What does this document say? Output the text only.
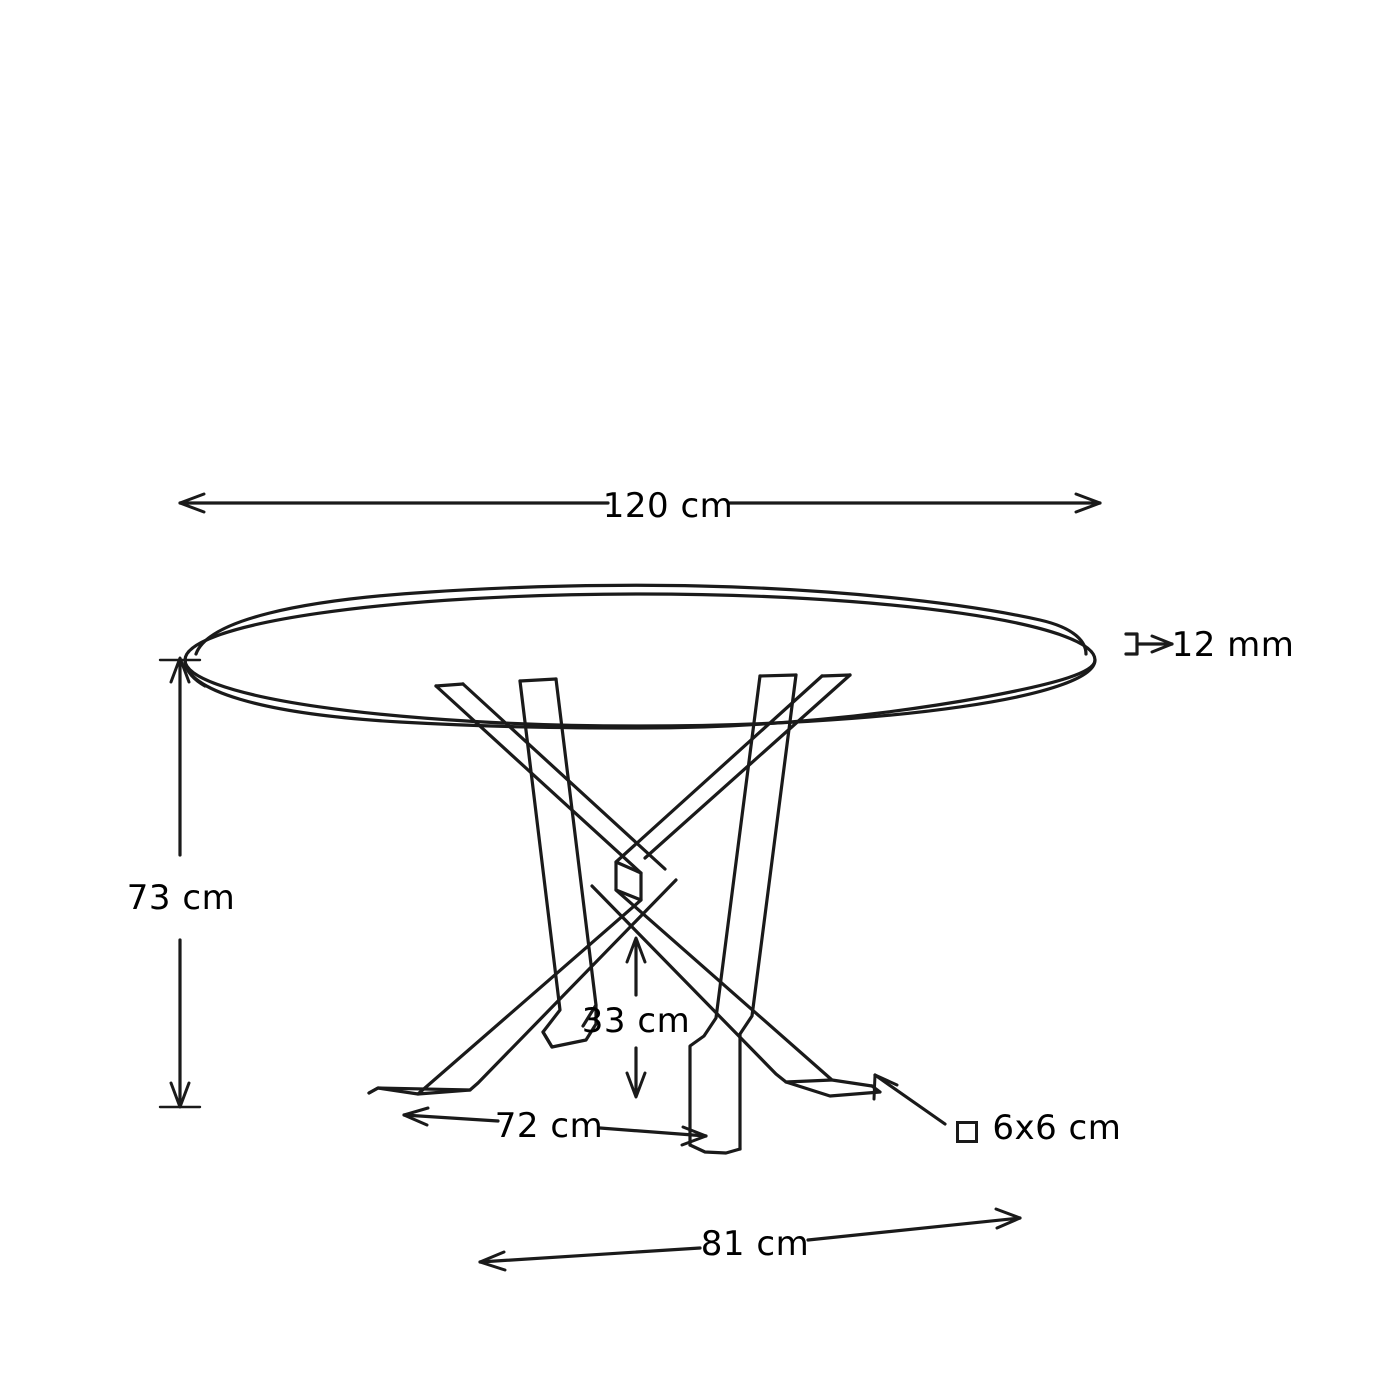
120 cm
12 mm
73 cm
33 cm
72 cm
81 cm
6x6 cm
